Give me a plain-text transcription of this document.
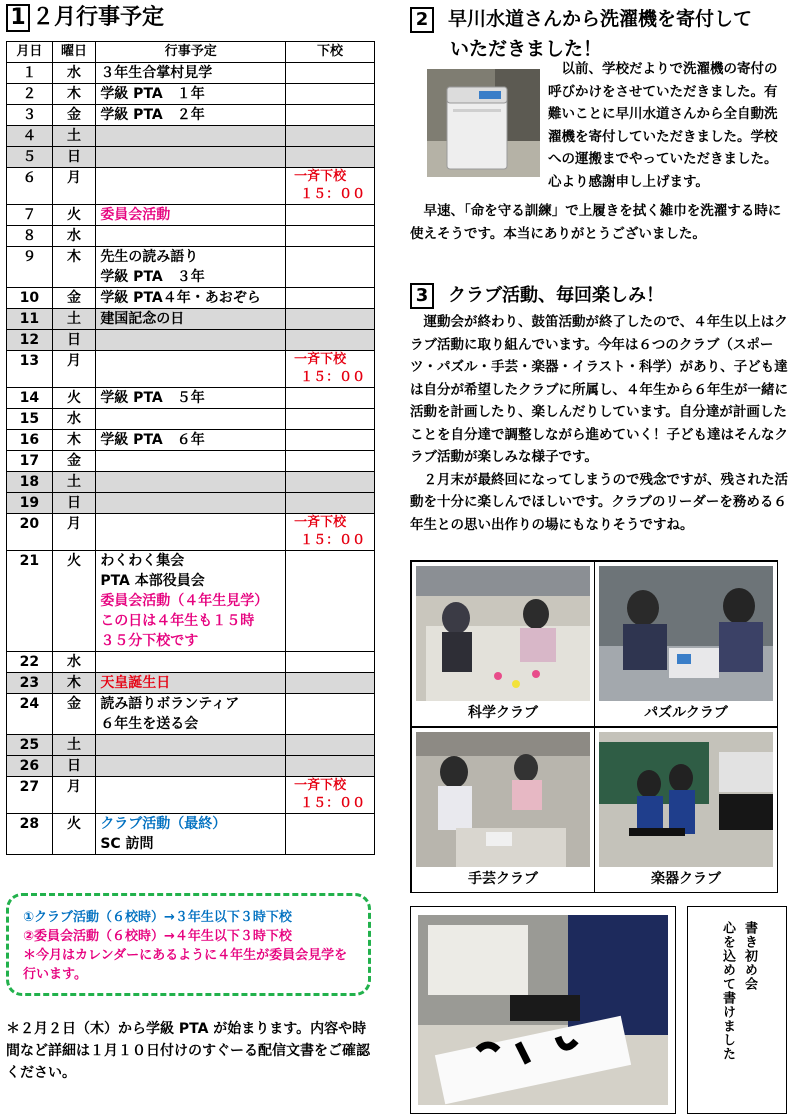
1 ２月行事予定
月日	曜日	行事予定	下校
１	水	３年生合掌村見学	

２	木	学級 PTA　１年	

３	金	学級 PTA　２年	

４	土		
５	日		
６	月		一斉下校
１５：００

７	火	委員会活動	

８	水		
９	木	先生の読み語り
学級 PTA　３年	

10	金	学級 PTA４年・あおぞら	

11	土	建国記念の日	

12	日		
13	月		一斉下校
１５：００

14	火	学級 PTA　５年	

15	水		
16	木	学級 PTA　６年	

17	金		
18	土		
19	日		
20	月		一斉下校
１５：００

21	火	わくわく集会
PTA 本部役員会
委員会活動（４年生見学）
この日は４年生も１５時
３５分下校です	

22	水		
23	木	天皇誕生日	

24	金	読み語りボランティア
６年生を送る会	

25	土		
26	日		
27	月		一斉下校
１５：００

28	火	クラブ活動（最終）
SC 訪問	

①クラブ活動（６校時）→３年生以下３時下校
②委員会活動（６校時）→４年生以下３時下校
＊今月はカレンダーにあるように４年生が委員会見学を行います。
＊２月２日（木）から学級 PTA が始まります。内容や時間など詳細は１月１０日付けのすぐーる配信文書をご確認ください。
2 早川水道さんから洗濯機を寄付して
いただきました！
　以前、学校だよりで洗濯機の寄付の呼びかけをさせていただきました。有難いことに早川水道さんから全自動洗濯機を寄付していただきました。学校への運搬までやっていただきました。心より感謝申し上げます。
　早速、「命を守る訓練」で上履きを拭く雑巾を洗濯する時に使えそうです。本当にありがとうございました。
3 クラブ活動、毎回楽しみ！
　運動会が終わり、鼓笛活動が終了したので、４年生以上はクラブ活動に取り組んでいます。今年は６つのクラブ（スポーツ・パズル・手芸・楽器・イラスト・科学）があり、子ども達は自分が希望したクラブに所属し、４年生から６年生が一緒に活動を計画したり、楽しんだりしています。自分達が計画したことを自分達で調整しながら進めていく！子ども達はそんなクラブ活動が楽しみな様子です。
　２月末が最終回になってしまうので残念ですが、残された活動を十分に楽しんでほしいです。クラブのリーダーを務める６年生との思い出作りの場にもなりそうですね。
科学クラブ	パズルクラブ
手芸クラブ	楽器クラブ
書き初め会
心を込めて書けました
